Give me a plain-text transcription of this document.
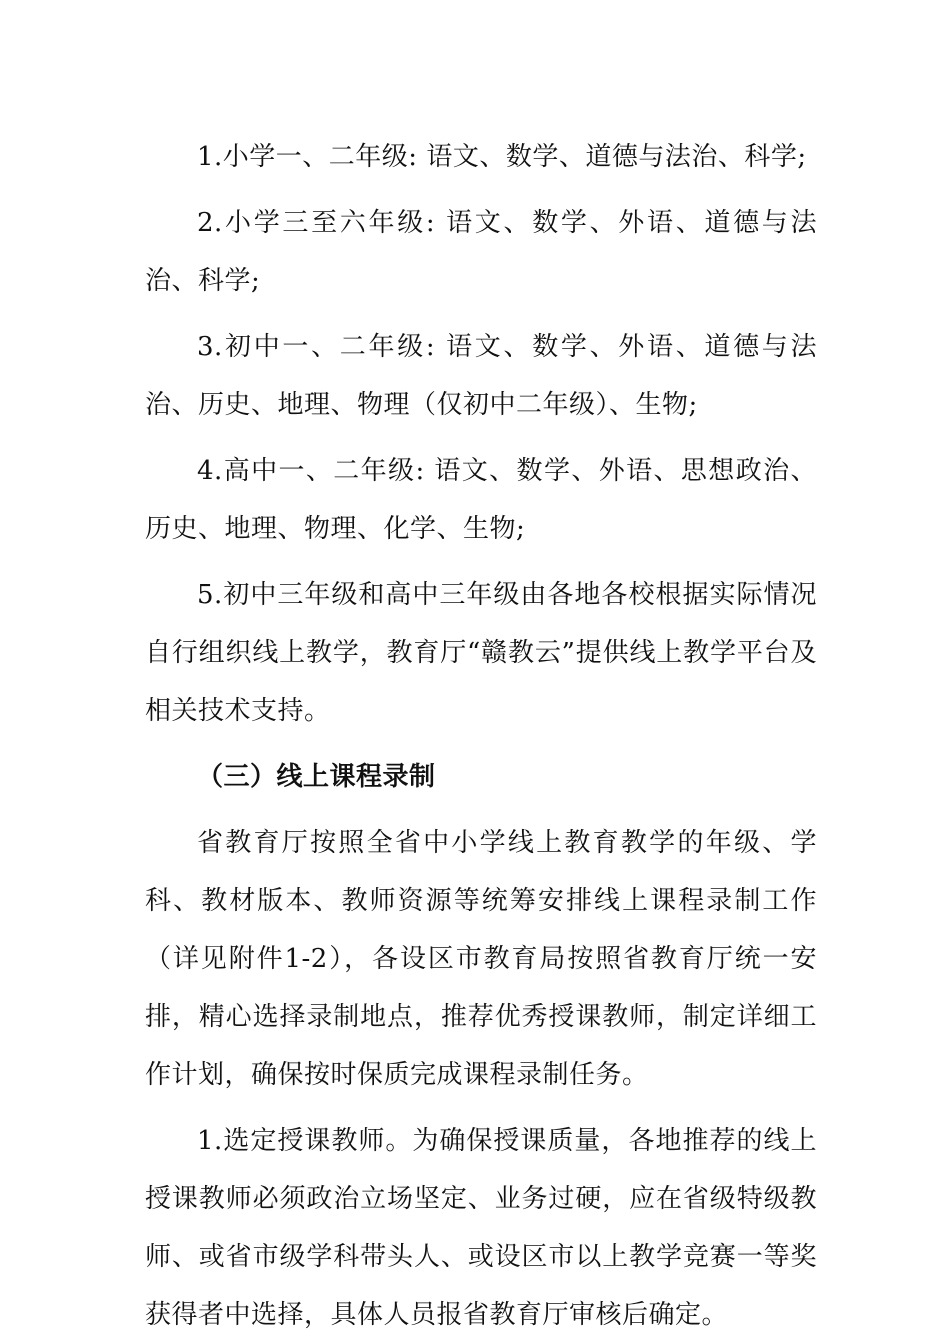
1.小学一、二年级: 语文、数学、道德与法治、科学;

2.小学三至六年级: 语文、数学、外语、道德与法治、科学;

3.初中一、二年级: 语文、数学、外语、道德与法治、历史、地理、物理（仅初中二年级）、生物;

4.高中一、二年级: 语文、数学、外语、思想政治、历史、地理、物理、化学、生物;

5.初中三年级和高中三年级由各地各校根据实际情况自行组织线上教学，教育厅“赣教云”提供线上教学平台及相关技术支持。

（三）线上课程录制

省教育厅按照全省中小学线上教育教学的年级、学科、教材版本、教师资源等统筹安排线上课程录制工作（详见附件1-2），各设区市教育局按照省教育厅统一安排，精心选择录制地点，推荐优秀授课教师，制定详细工作计划，确保按时保质完成课程录制任务。

1.选定授课教师。为确保授课质量，各地推荐的线上授课教师必须政治立场坚定、业务过硬，应在省级特级教师、或省市级学科带头人、或设区市以上教学竞赛一等奖获得者中选择，具体人员报省教育厅审核后确定。
